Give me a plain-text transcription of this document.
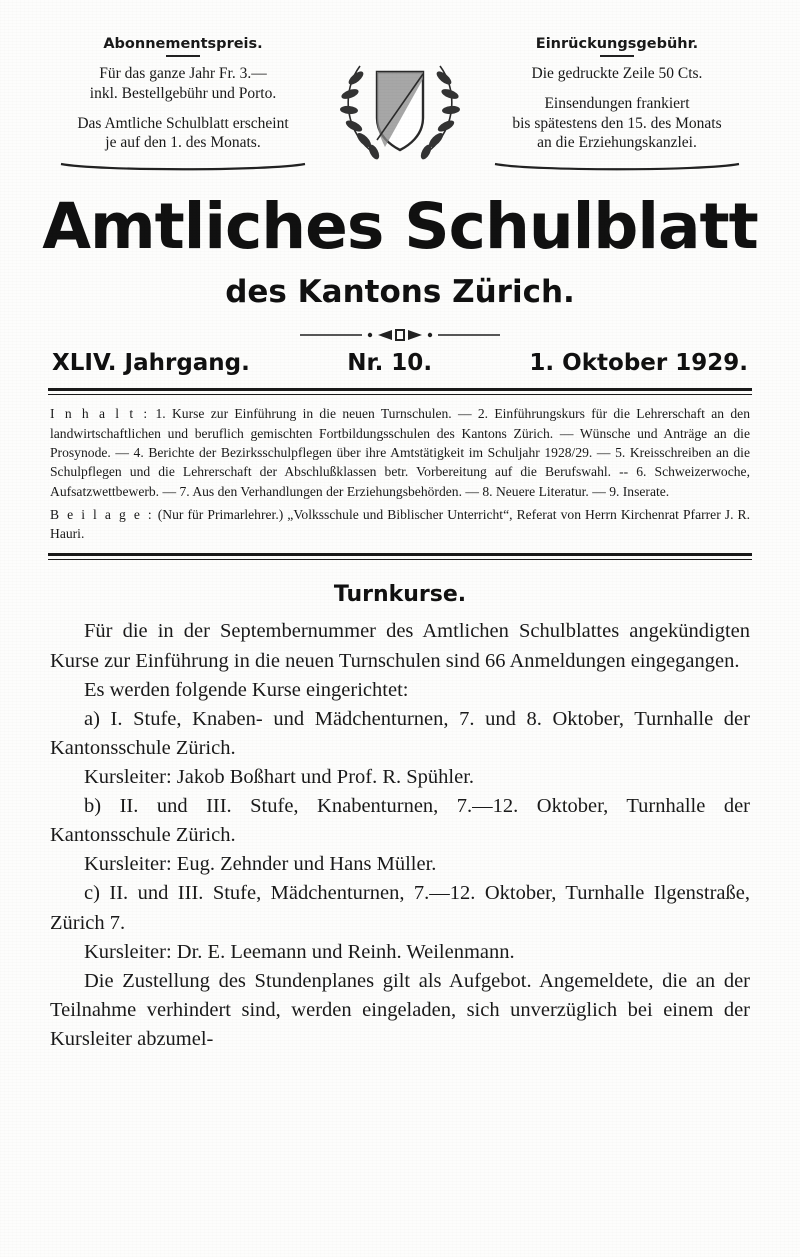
Abonnementspreis.
Für das ganze Jahr Fr. 3.—
inkl. Bestellgebühr und Porto.
Das Amtliche Schulblatt erscheint
je auf den 1. des Monats.
Einrückungsgebühr.
Die gedruckte Zeile 50 Cts.
Einsendungen frankiert
bis spätestens den 15. des Monats
an die Erziehungskanzlei.
Amtliches Schulblatt
des Kantons Zürich.
XLIV. Jahrgang.	Nr. 10.	1. Oktober 1929.

I n h a l t : 1. Kurse zur Einführung in die neuen Turnschulen. — 2. Einführungskurs für die Lehrerschaft an den landwirtschaftlichen und beruflich gemischten Fortbildungsschulen des Kantons Zürich. — Wünsche und Anträge an die Prosynode. — 4. Berichte der Bezirksschulpflegen über ihre Amtstätigkeit im Schuljahr 1928/29. — 5. Kreisschreiben an die Schulpflegen und die Lehrerschaft der Abschlußklassen betr. Vorbereitung auf die Berufswahl. -- 6. Schweizerwoche, Aufsatzwettbewerb. — 7. Aus den Verhandlungen der Erziehungsbehörden. — 8. Neuere Literatur. — 9. Inserate.

B e i l a g e : (Nur für Primarlehrer.) „Volksschule und Biblischer Unterricht“, Referat von Herrn Kirchenrat Pfarrer J. R. Hauri.

Turnkurse.

Für die in der Septembernummer des Amtlichen Schulblattes angekündigten Kurse zur Einführung in die neuen Turnschulen sind 66 Anmeldungen eingegangen.

Es werden folgende Kurse eingerichtet:

a) I. Stufe, Knaben- und Mädchenturnen, 7. und 8. Oktober, Turnhalle der Kantonsschule Zürich.

Kursleiter: Jakob Boßhart und Prof. R. Spühler.

b) II. und III. Stufe, Knabenturnen, 7.—12. Oktober, Turnhalle der Kantonsschule Zürich.

Kursleiter: Eug. Zehnder und Hans Müller.

c) II. und III. Stufe, Mädchenturnen, 7.—12. Oktober, Turnhalle Ilgenstraße, Zürich 7.

Kursleiter: Dr. E. Leemann und Reinh. Weilenmann.

Die Zustellung des Stundenplanes gilt als Aufgebot. Angemeldete, die an der Teilnahme verhindert sind, werden eingeladen, sich unverzüglich bei einem der Kursleiter abzumel-
